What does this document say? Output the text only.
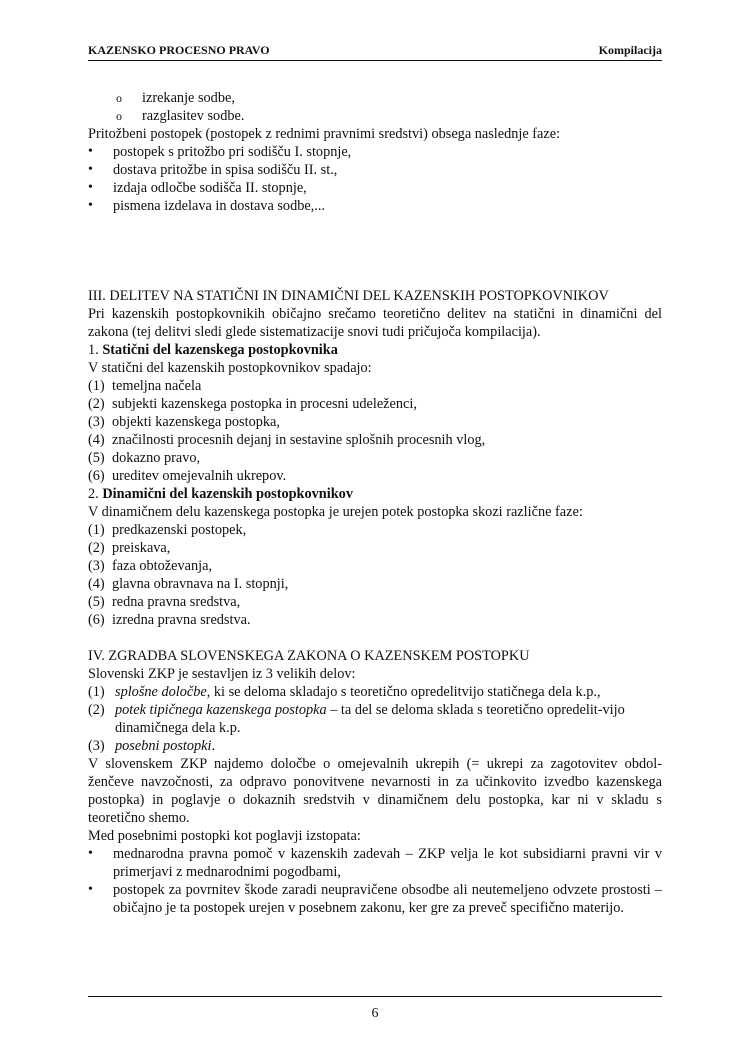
KAZENSKO PROCESNO PRAVO	Kompilacija
o	izrekanje sodbe,
o	razglasitev sodbe.
Pritožbeni postopek (postopek z rednimi pravnimi sredstvi) obsega naslednje faze:
•	postopek s pritožbo pri sodišču I. stopnje,
•	dostava pritožbe in spisa sodišču II. st.,
•	izdaja odločbe sodišča II. stopnje,
•	pismena izdelava in dostava sodbe,...
III. DELITEV NA STATIČNI IN DINAMIČNI DEL KAZENSKIH POSTOPKOVNIKOV
Pri kazenskih postopkovnikih običajno srečamo teoretično delitev na statični in dinamični del zakona (tej delitvi sledi glede sistematizacije snovi tudi pričujoča kompilacija).
1. Statični del kazenskega postopkovnika
V statični del kazenskih postopkovnikov spadajo:
(1) temeljna načela
(2) subjekti kazenskega postopka in procesni udeleženci,
(3) objekti kazenskega postopka,
(4) značilnosti procesnih dejanj in sestavine splošnih procesnih vlog,
(5) dokazno pravo,
(6) ureditev omejevalnih ukrepov.
2. Dinamični del kazenskih postopkovnikov
V dinamičnem delu kazenskega postopka je urejen potek postopka skozi različne faze:
(1) predkazenski postopek,
(2) preiskava,
(3) faza obtoževanja,
(4) glavna obravnava na I. stopnji,
(5) redna pravna sredstva,
(6) izredna pravna sredstva.
IV. ZGRADBA SLOVENSKEGA ZAKONA O KAZENSKEM POSTOPKU
Slovenski ZKP je sestavljen iz 3 velikih delov:
(1) splošne določbe, ki se deloma skladajo s teoretično opredelitvijo statičnega dela k.p.,
(2) potek tipičnega kazenskega postopka – ta del se deloma sklada s teoretično opredelit-vijo dinamičnega dela k.p.
(3) posebni postopki.
V slovenskem ZKP najdemo določbe o omejevalnih ukrepih (= ukrepi za zagotovitev obdol-ženčeve navzočnosti, za odpravo ponovitvene nevarnosti in za učinkovito izvedbo kazenskega postopka) in poglavje o dokaznih sredstvih v dinamičnem delu postopka, kar ni v skladu s teoretično shemo.
Med posebnimi postopki kot poglavji izstopata:
•	mednarodna pravna pomoč v kazenskih zadevah – ZKP velja le kot subsidiarni pravni vir v primerjavi z mednarodnimi pogodbami,
•	postopek za povrnitev škode zaradi neupravičene obsodbe ali neutemeljeno odvzete prostosti – običajno je ta postopek urejen v posebnem zakonu, ker gre za preveč specifično materijo.
6
